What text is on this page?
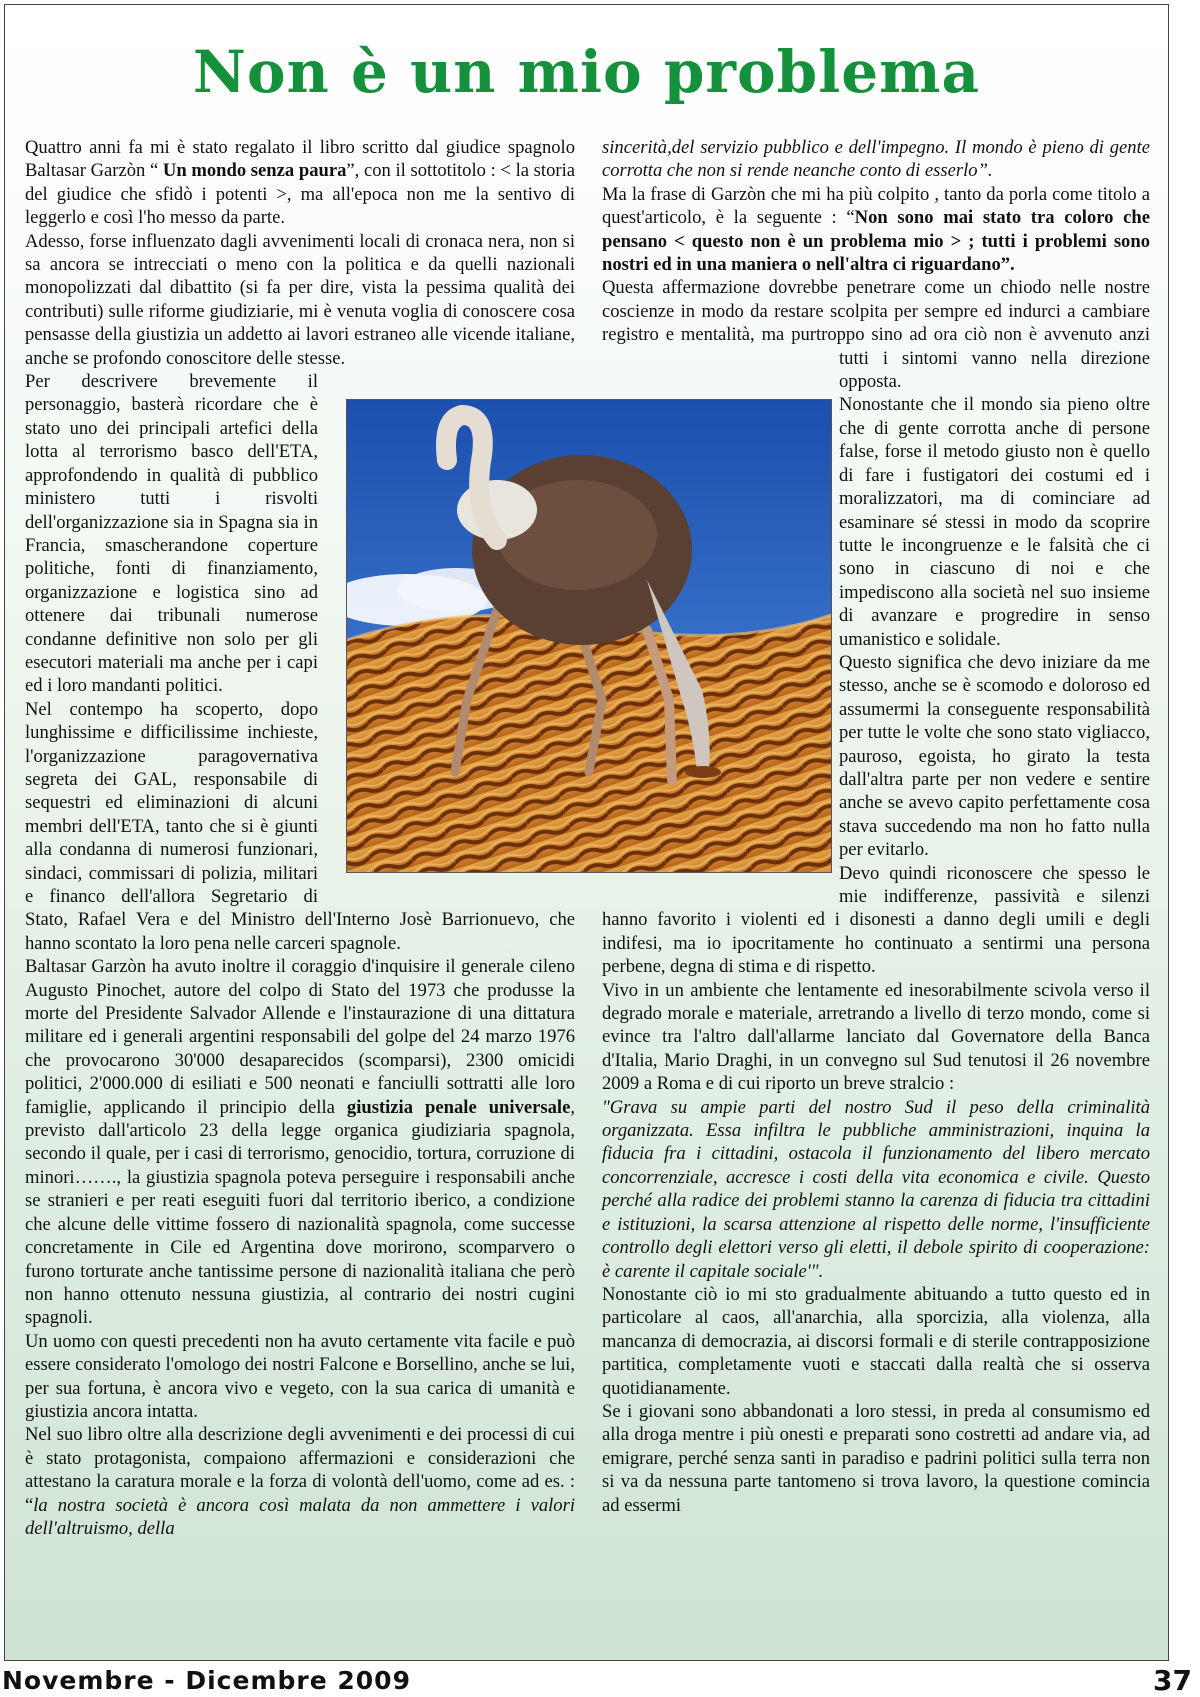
Non è un mio problema

Quattro anni fa mi è stato regalato il libro scritto dal giudice spagnolo Baltasar Garzòn “ Un mondo senza paura”, con il sottotitolo : < la storia del giudice che sfidò i potenti >, ma all'epoca non me la sentivo di leggerlo e così l'ho messo da parte.

Adesso, forse influenzato dagli avvenimenti locali di cronaca nera, non si sa ancora se intrecciati o meno con la politica e da quelli nazionali monopolizzati dal dibattito (si fa per dire, vista la pessima qualità dei contributi) sulle riforme giudiziarie, mi è venuta voglia di conoscere cosa pensasse della giustizia un addetto ai lavori estraneo alle vicende italiane, anche se profondo conoscitore delle stesse.

Per descrivere brevemente il personaggio, basterà ricordare che è stato uno dei principali artefici della lotta al terrorismo basco dell'ETA, approfondendo in qualità di pubblico ministero tutti i risvolti dell'organizzazione sia in Spagna sia in Francia, smascherandone coperture politiche, fonti di finanziamento, organizzazione e logistica sino ad ottenere dai tribunali numerose condanne definitive non solo per gli esecutori materiali ma anche per i capi ed i loro mandanti politici.

Nel contempo ha scoperto, dopo lunghissime e difficilissime inchieste, l'organizzazione paragovernativa segreta dei GAL, responsabile di sequestri ed eliminazioni di alcuni membri dell'ETA, tanto che si è giunti alla condanna di numerosi funzionari, sindaci, commissari di polizia, militari e financo dell'allora Segretario di Stato, Rafael Vera e del Ministro dell'Interno Josè Barrionuevo, che hanno scontato la loro pena nelle carceri spagnole.

Baltasar Garzòn ha avuto inoltre il coraggio d'inquisire il generale cileno Augusto Pinochet, autore del colpo di Stato del 1973 che produsse la morte del Presidente Salvador Allende e l'instaurazione di una dittatura militare ed i generali argentini responsabili del golpe del 24 marzo 1976 che provocarono 30'000 desaparecidos (scomparsi), 2300 omicidi politici, 2'000.000 di esiliati e 500 neonati e fanciulli sottratti alle loro famiglie, applicando il principio della giustizia penale universale, previsto dall'articolo 23 della legge organica giudiziaria spagnola, secondo il quale, per i casi di terrorismo, genocidio, tortura, corruzione di minori……., la giustizia spagnola poteva perseguire i responsabili anche se stranieri e per reati eseguiti fuori dal territorio iberico, a condizione che alcune delle vittime fossero di nazionalità spagnola, come successe concretamente in Cile ed Argentina dove morirono, scomparvero o furono torturate anche tantissime persone di nazionalità italiana che però non hanno ottenuto nessuna giustizia, al contrario dei nostri cugini spagnoli.

Un uomo con questi precedenti non ha avuto certamente vita facile e può essere considerato l'omologo dei nostri Falcone e Borsellino, anche se lui, per sua fortuna, è ancora vivo e vegeto, con la sua carica di umanità e giustizia ancora intatta.

Nel suo libro oltre alla descrizione degli avvenimenti e dei processi di cui è stato protagonista, compaiono affermazioni e considerazioni che attestano la caratura morale e la forza di volontà dell'uomo, come ad es. : “la nostra società è ancora così malata da non ammettere i valori dell'altruismo, della

sincerità,del servizio pubblico e dell'impegno. Il mondo è pieno di gente corrotta che non si rende neanche conto di esserlo”.

Ma la frase di Garzòn che mi ha più colpito , tanto da porla come titolo a quest'articolo, è la seguente : “Non sono mai stato tra coloro che pensano < questo non è un problema mio > ; tutti i problemi sono nostri ed in una maniera o nell'altra ci riguardano”.

Questa affermazione dovrebbe penetrare come un chiodo nelle nostre coscienze in modo da restare scolpita per sempre ed indurci a cambiare registro e mentalità, ma purtroppo sino ad ora ciò non è avvenuto anzi tutti i sintomi vanno nella direzione opposta.

Nonostante che il mondo sia pieno oltre che di gente corrotta anche di persone false, forse il metodo giusto non è quello di fare i fustigatori dei costumi ed i moralizzatori, ma di cominciare ad esaminare sé stessi in modo da scoprire tutte le incongruenze e le falsità che ci sono in ciascuno di noi e che impediscono alla società nel suo insieme di avanzare e progredire in senso umanistico e solidale.

Questo significa che devo iniziare da me stesso, anche se è scomodo e doloroso ed assumermi la conseguente responsabilità per tutte le volte che sono stato vigliacco, pauroso, egoista, ho girato la testa dall'altra parte per non vedere e sentire anche se avevo capito perfettamente cosa stava succedendo ma non ho fatto nulla per evitarlo.

Devo quindi riconoscere che spesso le mie indifferenze, passività e silenzi hanno favorito i violenti ed i disonesti a danno degli umili e degli indifesi, ma io ipocritamente ho continuato a sentirmi una persona perbene, degna di stima e di rispetto.

Vivo in un ambiente che lentamente ed inesorabilmente scivola verso il degrado morale e materiale, arretrando a livello di terzo mondo, come si evince tra l'altro dall'allarme lanciato dal Governatore della Banca d'Italia, Mario Draghi, in un convegno sul Sud tenutosi il 26 novembre 2009 a Roma e di cui riporto un breve stralcio :

"Grava su ampie parti del nostro Sud il peso della criminalità organizzata. Essa infiltra le pubbliche amministrazioni, inquina la fiducia fra i cittadini, ostacola il funzionamento del libero mercato concorrenziale, accresce i costi della vita economica e civile. Questo perché alla radice dei problemi stanno la carenza di fiducia tra cittadini e istituzioni, la scarsa attenzione al rispetto delle norme, l'insufficiente controllo degli elettori verso gli eletti, il debole spirito di cooperazione: è carente il capitale sociale'".

Nonostante ciò io mi sto gradualmente abituando a tutto questo ed in particolare al caos, all'anarchia, alla sporcizia, alla violenza, alla mancanza di democrazia, ai discorsi formali e di sterile contrapposizione partitica, completamente vuoti e staccati dalla realtà che si osserva quotidianamente.

Se i giovani sono abbandonati a loro stessi, in preda al consumismo ed alla droga mentre i più onesti e preparati sono costretti ad andare via, ad emigrare, perché senza santi in paradiso e padrini politici sulla terra non si va da nessuna parte tantomeno si trova lavoro, la questione comincia ad essermi

Novembre - Dicembre 2009	37
